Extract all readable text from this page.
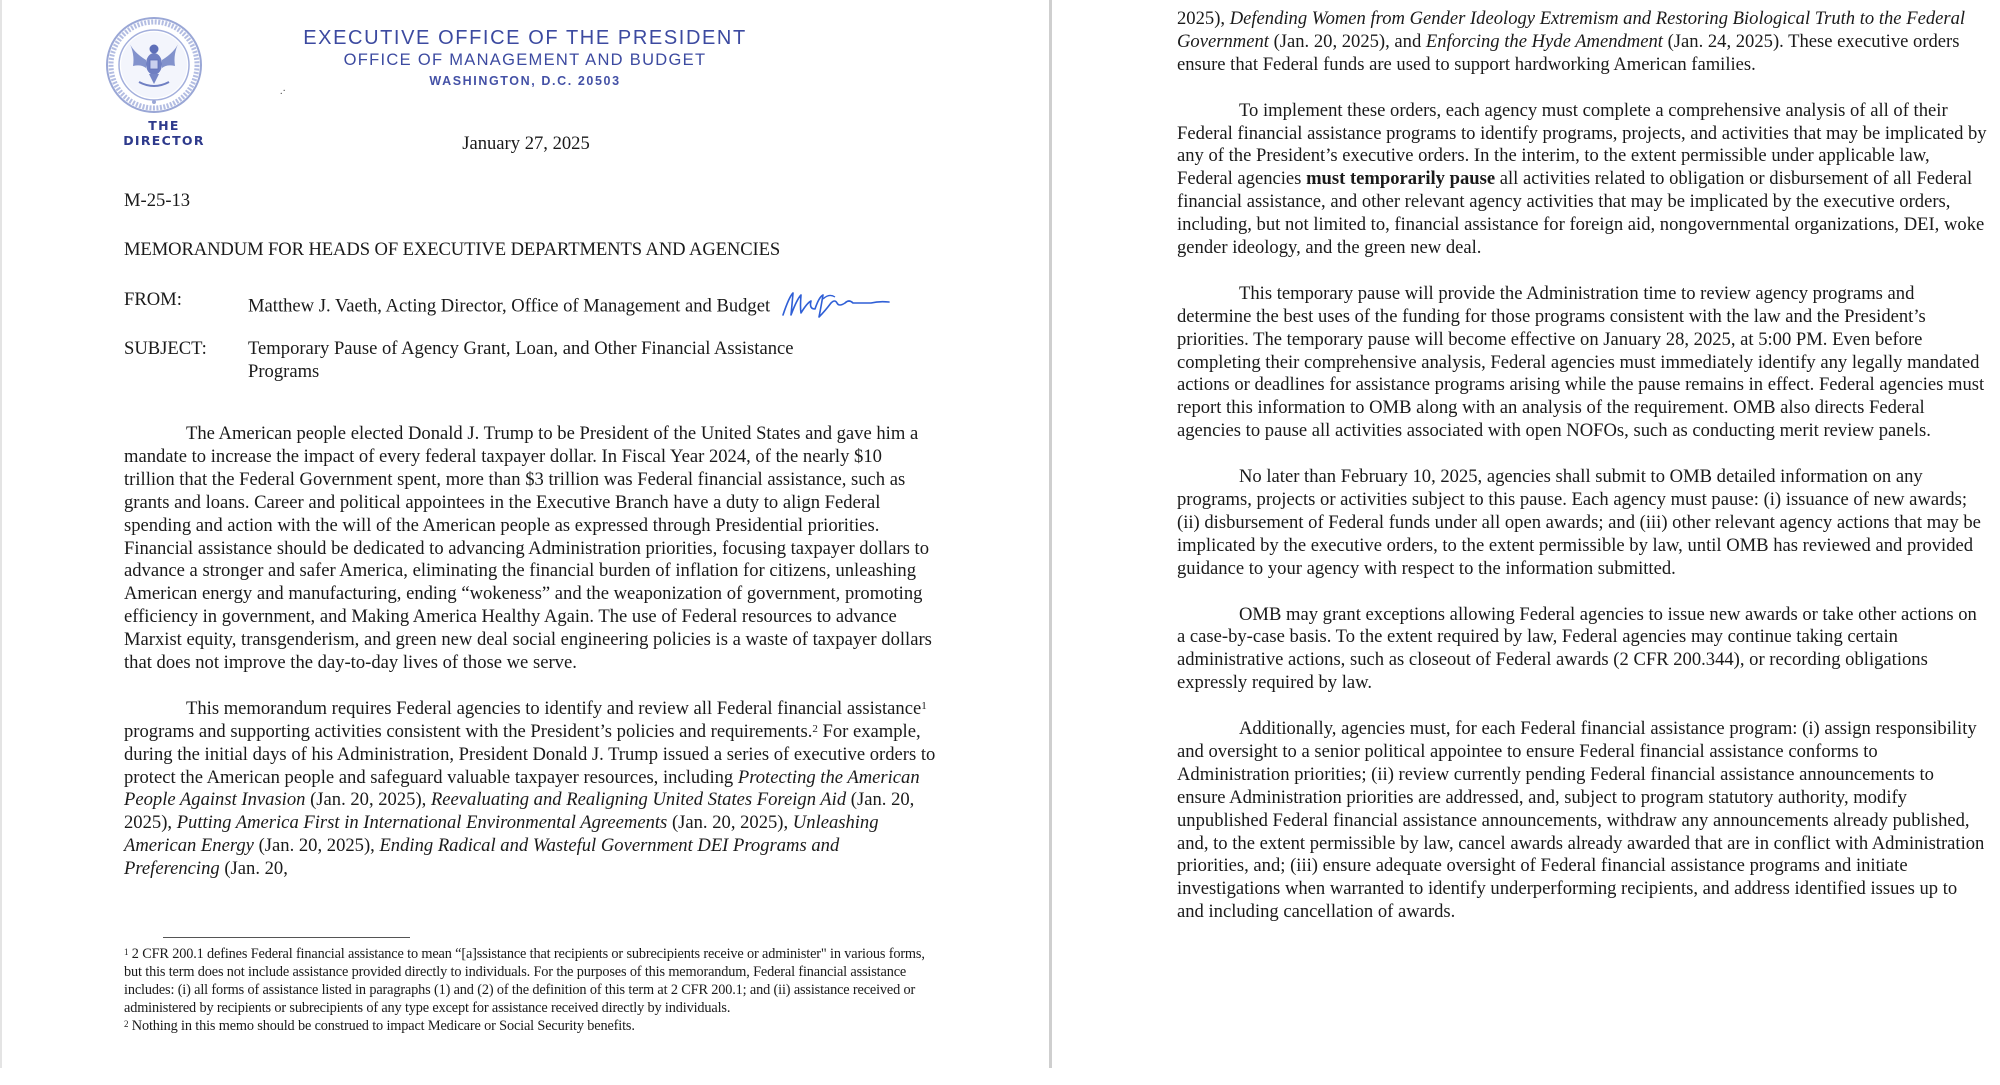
THE DIRECTOR
EXECUTIVE OFFICE OF THE PRESIDENT
OFFICE OF MANAGEMENT AND BUDGET
WASHINGTON, D.C. 20503
.·
January 27, 2025
M-25-13
MEMORANDUM FOR HEADS OF EXECUTIVE DEPARTMENTS AND AGENCIES
FROM:	Matthew J. Vaeth, Acting Director, Office of Management and Budget
SUBJECT:	Temporary Pause of Agency Grant, Loan, and Other Financial Assistance Programs
The American people elected Donald J. Trump to be President of the United States and gave him a mandate to increase the impact of every federal taxpayer dollar. In Fiscal Year 2024, of the nearly $10 trillion that the Federal Government spent, more than $3 trillion was Federal financial assistance, such as grants and loans. Career and political appointees in the Executive Branch have a duty to align Federal spending and action with the will of the American people as expressed through Presidential priorities. Financial assistance should be dedicated to advancing Administration priorities, focusing taxpayer dollars to advance a stronger and safer America, eliminating the financial burden of inflation for citizens, unleashing American energy and manufacturing, ending “wokeness” and the weaponization of government, promoting efficiency in government, and Making America Healthy Again. The use of Federal resources to advance Marxist equity, transgenderism, and green new deal social engineering policies is a waste of taxpayer dollars that does not improve the day-to-day lives of those we serve.
This memorandum requires Federal agencies to identify and review all Federal financial assistance$^1$ programs and supporting activities consistent with the President’s policies and requirements.$^2$ For example, during the initial days of his Administration, President Donald J. Trump issued a series of executive orders to protect the American people and safeguard valuable taxpayer resources, including Protecting the American People Against Invasion (Jan. 20, 2025), Reevaluating and Realigning United States Foreign Aid (Jan. 20, 2025), Putting America First in International Environmental Agreements (Jan. 20, 2025), Unleashing American Energy (Jan. 20, 2025), Ending Radical and Wasteful Government DEI Programs and Preferencing (Jan. 20,
$^1$ 2 CFR 200.1 defines Federal financial assistance to mean “[a]ssistance that recipients or subrecipients receive or administer" in various forms, but this term does not include assistance provided directly to individuals. For the purposes of this memorandum, Federal financial assistance includes: (i) all forms of assistance listed in paragraphs (1) and (2) of the definition of this term at 2 CFR 200.1; and (ii) assistance received or administered by recipients or subrecipients of any type except for assistance received directly by individuals.
$^2$ Nothing in this memo should be construed to impact Medicare or Social Security benefits.
2025), Defending Women from Gender Ideology Extremism and Restoring Biological Truth to the Federal Government (Jan. 20, 2025), and Enforcing the Hyde Amendment (Jan. 24, 2025). These executive orders ensure that Federal funds are used to support hardworking American families.
To implement these orders, each agency must complete a comprehensive analysis of all of their Federal financial assistance programs to identify programs, projects, and activities that may be implicated by any of the President’s executive orders. In the interim, to the extent permissible under applicable law, Federal agencies must temporarily pause all activities related to obligation or disbursement of all Federal financial assistance, and other relevant agency activities that may be implicated by the executive orders, including, but not limited to, financial assistance for foreign aid, nongovernmental organizations, DEI, woke gender ideology, and the green new deal.
This temporary pause will provide the Administration time to review agency programs and determine the best uses of the funding for those programs consistent with the law and the President’s priorities. The temporary pause will become effective on January 28, 2025, at 5:00 PM. Even before completing their comprehensive analysis, Federal agencies must immediately identify any legally mandated actions or deadlines for assistance programs arising while the pause remains in effect. Federal agencies must report this information to OMB along with an analysis of the requirement. OMB also directs Federal agencies to pause all activities associated with open NOFOs, such as conducting merit review panels.
No later than February 10, 2025, agencies shall submit to OMB detailed information on any programs, projects or activities subject to this pause. Each agency must pause: (i) issuance of new awards; (ii) disbursement of Federal funds under all open awards; and (iii) other relevant agency actions that may be implicated by the executive orders, to the extent permissible by law, until OMB has reviewed and provided guidance to your agency with respect to the information submitted.
OMB may grant exceptions allowing Federal agencies to issue new awards or take other actions on a case-by-case basis. To the extent required by law, Federal agencies may continue taking certain administrative actions, such as closeout of Federal awards (2 CFR 200.344), or recording obligations expressly required by law.
Additionally, agencies must, for each Federal financial assistance program: (i) assign responsibility and oversight to a senior political appointee to ensure Federal financial assistance conforms to Administration priorities; (ii) review currently pending Federal financial assistance announcements to ensure Administration priorities are addressed, and, subject to program statutory authority, modify unpublished Federal financial assistance announcements, withdraw any announcements already published, and, to the extent permissible by law, cancel awards already awarded that are in conflict with Administration priorities, and; (iii) ensure adequate oversight of Federal financial assistance programs and initiate investigations when warranted to identify underperforming recipients, and address identified issues up to and including cancellation of awards.
